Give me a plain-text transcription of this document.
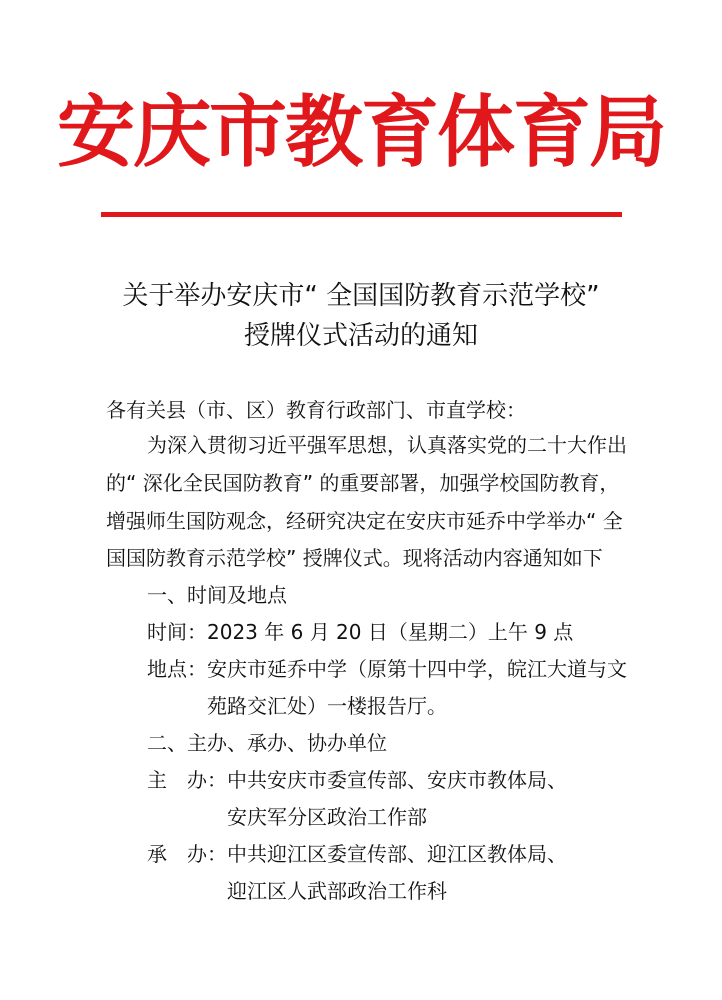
安庆市教育体育局
关于举办安庆市“ 全国国防教育示范学校”
授牌仪式活动的通知
各有关县（市、区）教育行政部门、市直学校：
为深入贯彻习近平强军思想，认真落实党的二十大作出
的“ 深化全民国防教育” 的重要部署，加强学校国防教育，
增强师生国防观念，经研究决定在安庆市延乔中学举办“ 全
国国防教育示范学校” 授牌仪式。现将活动内容通知如下
一、时间及地点
时间： 2023 年 6 月 20 日（星期二）上午 9 点
地点： 安庆市延乔中学（原第十四中学，皖江大道与文
苑路交汇处）一楼报告厅。
二、主办、承办、协办单位
主　办： 中共安庆市委宣传部、安庆市教体局、
安庆军分区政治工作部
承　办： 中共迎江区委宣传部、迎江区教体局、
迎江区人武部政治工作科
